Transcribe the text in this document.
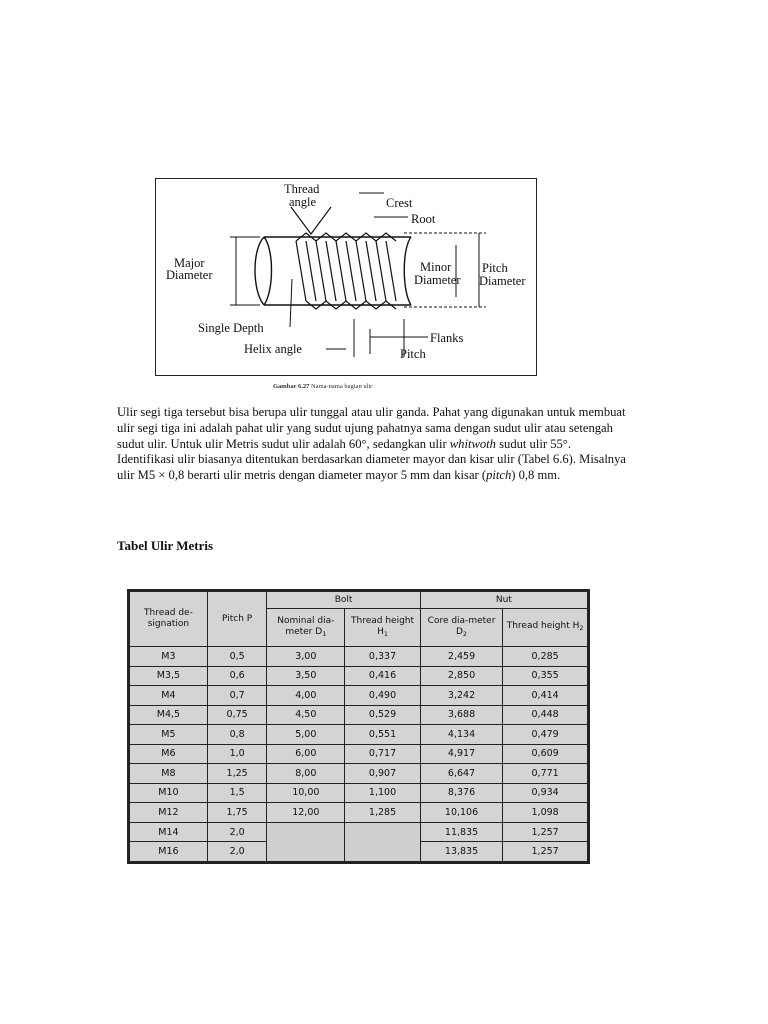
Thread
angle	Crest
Root
Major
Diameter
Minor
Diameter
Pitch
Diameter
Single Depth
Flanks
Helix angle	Pitch
Gambar 6.27 Nama-nama bagian ulir

Ulir segi tiga tersebut bisa berupa ulir tunggal atau ulir ganda. Pahat yang digunakan untuk membuat ulir segi tiga ini adalah pahat ulir yang sudut ujung pahatnya sama dengan sudut ulir atau setengah sudut ulir. Untuk ulir Metris sudut ulir adalah 60°, sedangkan ulir whitwoth sudut ulir 55°. Identifikasi ulir biasanya ditentukan berdasarkan diameter mayor dan kisar ulir (Tabel 6.6). Misalnya ulir M5 × 0,8 berarti ulir metris dengan diameter mayor 5 mm dan kisar (pitch) 0,8 mm.

Tabel Ulir Metris

Thread de-signation	Pitch P	Bolt		Nut	
		Nominal dia-meter $D_1$	Thread height $H_1$	Core dia-meter $D_2$	Thread height $H_2$
M3	0,5	3,00	0,337	2,459	0,285
M3,5	0,6	3,50	0,416	2,850	0,355
M4	0,7	4,00	0,490	3,242	0,414
M4,5	0,75	4,50	0,529	3,688	0,448
M5	0,8	5,00	0,551	4,134	0,479
M6	1,0	6,00	0,717	4,917	0,609
M8	1,25	8,00	0,907	6,647	0,771
M10	1,5	10,00	1,100	8,376	0,934
M12	1,75	12,00	1,285	10,106	1,098
M14	2,0			11,835	1,257
M16	2,0			13,835	1,257
